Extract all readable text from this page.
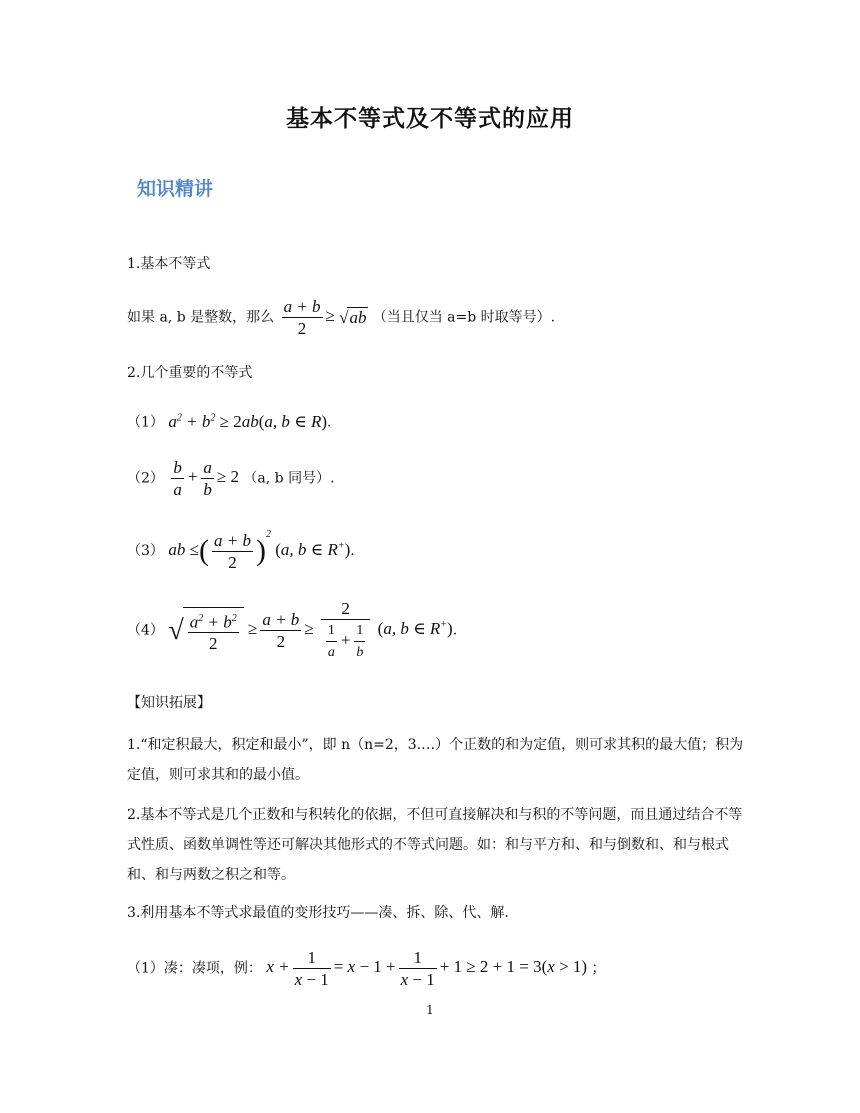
基本不等式及不等式的应用
知识精讲
1.基本不等式
如果 a, b 是整数，那么 $\frac{a + b}{2} \ge √ab$ （当且仅当 a=b 时取等号）.
2.几个重要的不等式
（1） $a^2 + b^2 \ge 2ab(a$, b ∈ R).
$(2) \frac{b}{a} + \frac{a}{b} \ge 2$ （a, b 同号）.
（3） ab ≤( $\frac{a + b}{2} )^2$ (a, b ∈ R+).
（4） √ $\frac{a^2 + b^2}{2} \ge \frac{a + b}{2} \ge \frac{2}{\frac{1}{a} + \frac{1}{b}} (a$, b ∈ R+).
【知识拓展】
1.“和定积最大，积定和最小”，即 n（n=2，3.…）个正数的和为定值，则可求其积的最大值；积为定值，则可求其和的最小值。
2.基本不等式是几个正数和与积转化的依据，不但可直接解决和与积的不等问题，而且通过结合不等式性质、函数单调性等还可解决其他形式的不等式问题。如：和与平方和、和与倒数和、和与根式和、和与两数之积之和等。
3.利用基本不等式求最值的变形技巧——凑、拆、除、代、解.
（1）凑：凑项，例： $x + \frac{1}{x - 1} = x - 1 + \frac{1}{x - 1} + 1 \ge 2 + 1 = 3(x > 1)$ ；
1
